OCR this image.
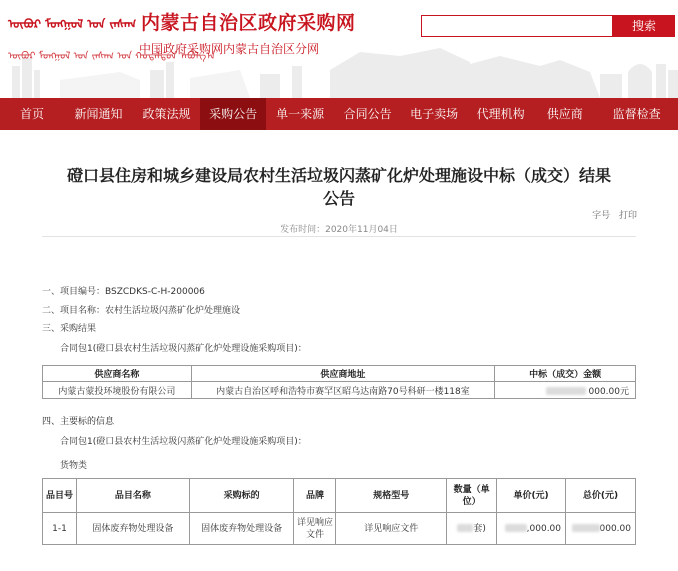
ᠥᠪᠥᠷ ᠮᠣᠩᠭᠣᠯ ᠤᠨ ᠵᠠᠰᠠᠭ
ᠥᠪᠥᠷ ᠮᠣᠩᠭᠣᠯ ᠤᠨ ᠵᠠᠰᠠᠭ ᠤᠨ ᠬᠤᠳᠠᠯᠳᠤᠨ ᠠᠪᠤᠯᠭ᠎ᠠ
内蒙古自治区政府采购网
中国政府采购网内蒙古自治区分网
搜索
首页	新闻通知	政策法规	采购公告	单一来源	合同公告	电子卖场	代理机构	供应商	监督检查
磴口县住房和城乡建设局农村生活垃圾闪蒸矿化炉处理施设中标（成交）结果公告
字号 打印
发布时间：2020年11月04日
一、项目编号：BSZCDKS-C-H-200006
二、项目名称：农村生活垃圾闪蒸矿化炉处理施设
三、采购结果
合同包1(磴口县农村生活垃圾闪蒸矿化炉处理设施采购项目)：
供应商名称	供应商地址	中标（成交）金额
内蒙古蒙投环境股份有限公司	内蒙古自治区呼和浩特市赛罕区昭乌达南路70号科研一楼118室	000.00元
四、主要标的信息
合同包1(磴口县农村生活垃圾闪蒸矿化炉处理设施采购项目)：
货物类
品目号	品目名称	采购标的	品牌	规格型号	数量（单位）	单价(元)	总价(元)
1-1	固体废弃物处理设备	固体废弃物处理设备	详见响应文件	详见响应文件	套)	,000.00	000.00
